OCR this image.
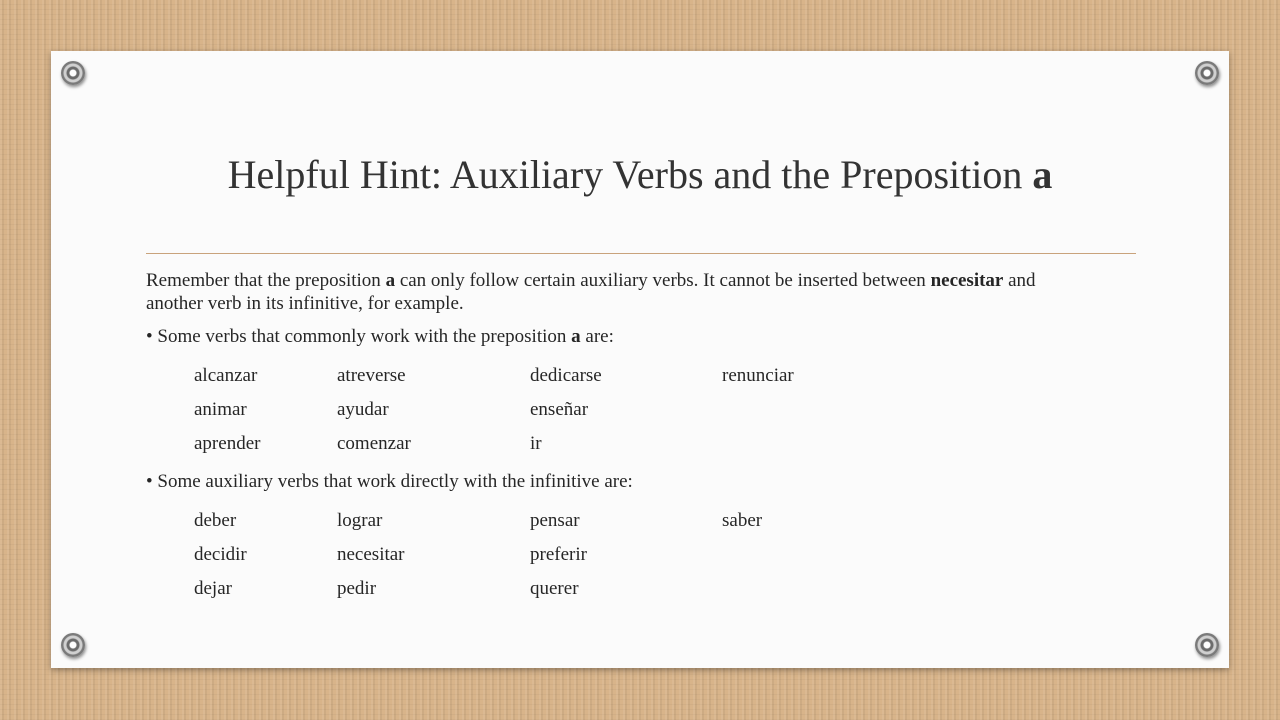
Helpful Hint: Auxiliary Verbs and the Preposition a

Remember that the preposition a can only follow certain auxiliary verbs. It cannot be inserted between necesitar and another verb in its infinitive, for example.

• Some verbs that commonly work with the preposition a are:

alcanzar	atreverse	dedicarse	renunciar
animar	ayudar	enseñar
aprender	comenzar	ir

• Some auxiliary verbs that work directly with the infinitive are:

deber	lograr	pensar	saber
decidir	necesitar	preferir
dejar	pedir	querer
